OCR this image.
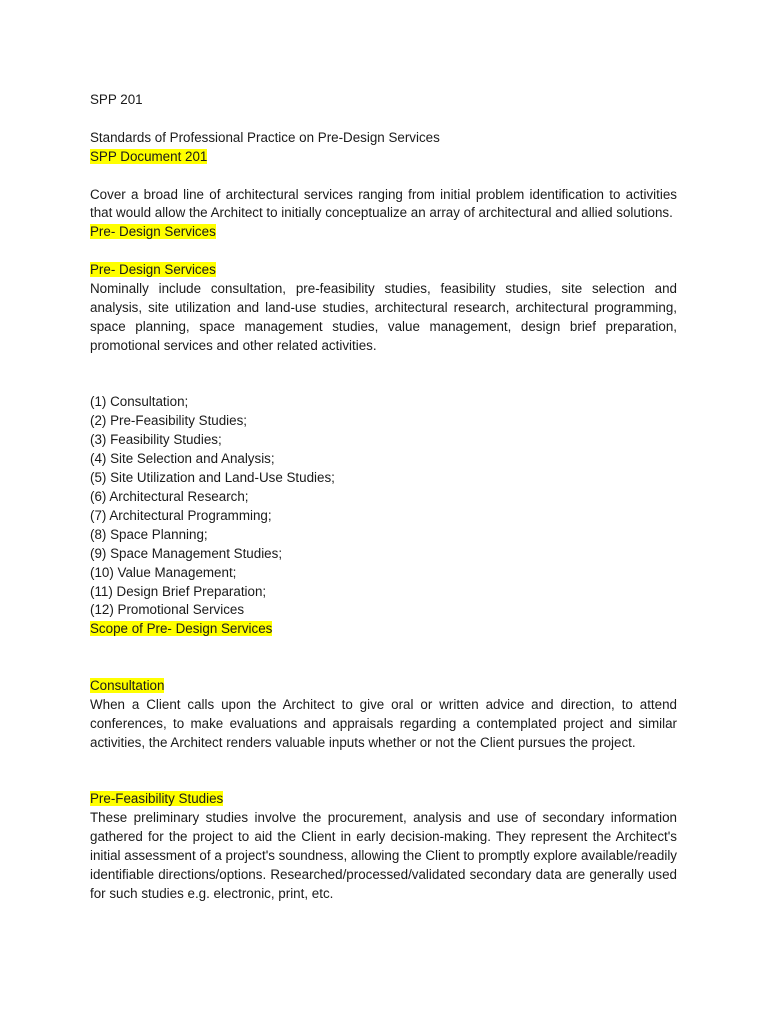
SPP 201

Standards of Professional Practice on Pre-Design Services

SPP Document 201

Cover a broad line of architectural services ranging from initial problem identification to activities that would allow the Architect to initially conceptualize an array of architectural and allied solutions.

Pre- Design Services

Pre- Design Services

Nominally include consultation, pre-feasibility studies, feasibility studies, site selection and analysis, site utilization and land-use studies, architectural research, architectural programming, space planning, space management studies, value management, design brief preparation, promotional services and other related activities.

(1) Consultation;
(2) Pre-Feasibility Studies;
(3) Feasibility Studies;
(4) Site Selection and Analysis;
(5) Site Utilization and Land-Use Studies;
(6) Architectural Research;
(7) Architectural Programming;
(8) Space Planning;
(9) Space Management Studies;
(10) Value Management;
(11) Design Brief Preparation;
(12) Promotional Services

Scope of Pre- Design Services

Consultation

When a Client calls upon the Architect to give oral or written advice and direction, to attend conferences, to make evaluations and appraisals regarding a contemplated project and similar activities, the Architect renders valuable inputs whether or not the Client pursues the project.

Pre-Feasibility Studies

These preliminary studies involve the procurement, analysis and use of secondary information gathered for the project to aid the Client in early decision-making. They represent the Architect's initial assessment of a project's soundness, allowing the Client to promptly explore available/readily identifiable directions/options. Researched/processed/validated secondary data are generally used for such studies e.g. electronic, print, etc.
